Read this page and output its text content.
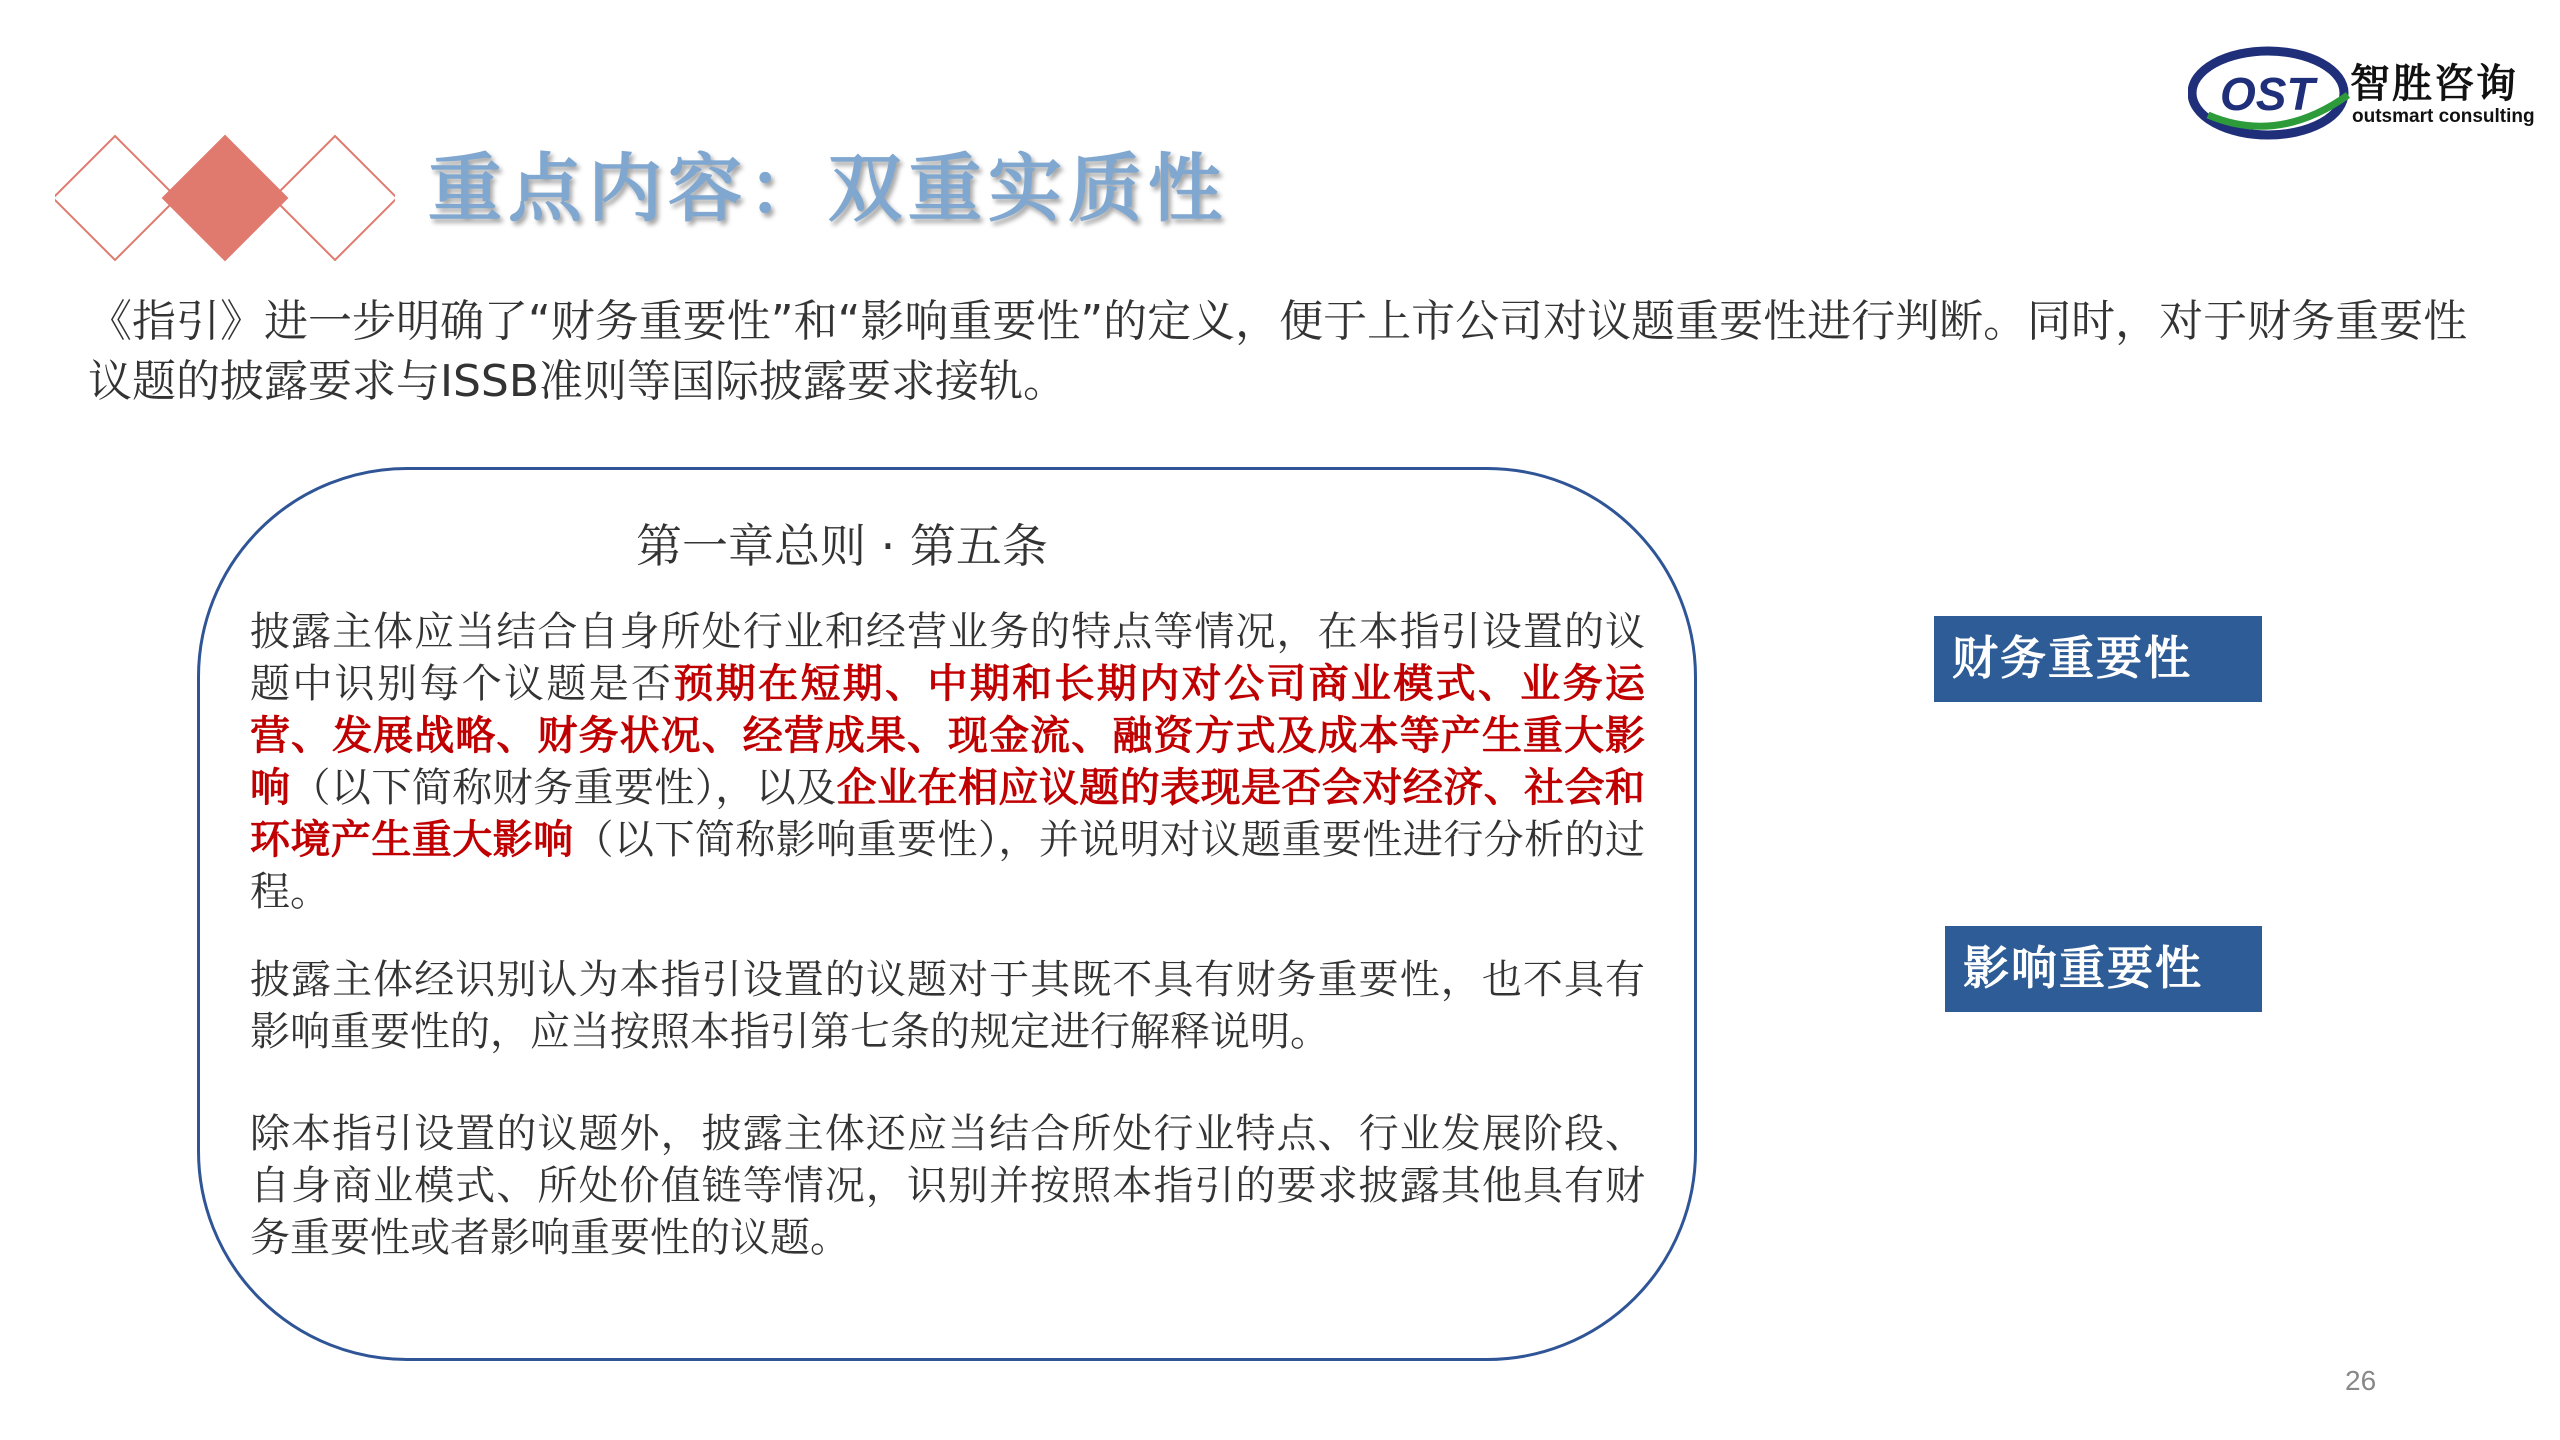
重点内容：双重实质性
OST 智胜咨询
outsmart consulting
《指引》进一步明确了“财务重要性”和“影响重要性”的定义，便于上市公司对议题重要性进行判断。同时，对于财务重要性议题的披露要求与ISSB准则等国际披露要求接轨。
第一章总则 · 第五条
披露主体应当结合自身所处行业和经营业务的特点等情况，在本指引设置的议题中识别每个议题是否预期在短期、中期和长期内对公司商业模式、业务运营、发展战略、财务状况、经营成果、现金流、融资方式及成本等产生重大影响（以下简称财务重要性），以及企业在相应议题的表现是否会对经济、社会和环境产生重大影响（以下简称影响重要性），并说明对议题重要性进行分析的过程。
披露主体经识别认为本指引设置的议题对于其既不具有财务重要性，也不具有影响重要性的，应当按照本指引第七条的规定进行解释说明。
除本指引设置的议题外，披露主体还应当结合所处行业特点、行业发展阶段、自身商业模式、所处价值链等情况，识别并按照本指引的要求披露其他具有财务重要性或者影响重要性的议题。
财务重要性
影响重要性
26
